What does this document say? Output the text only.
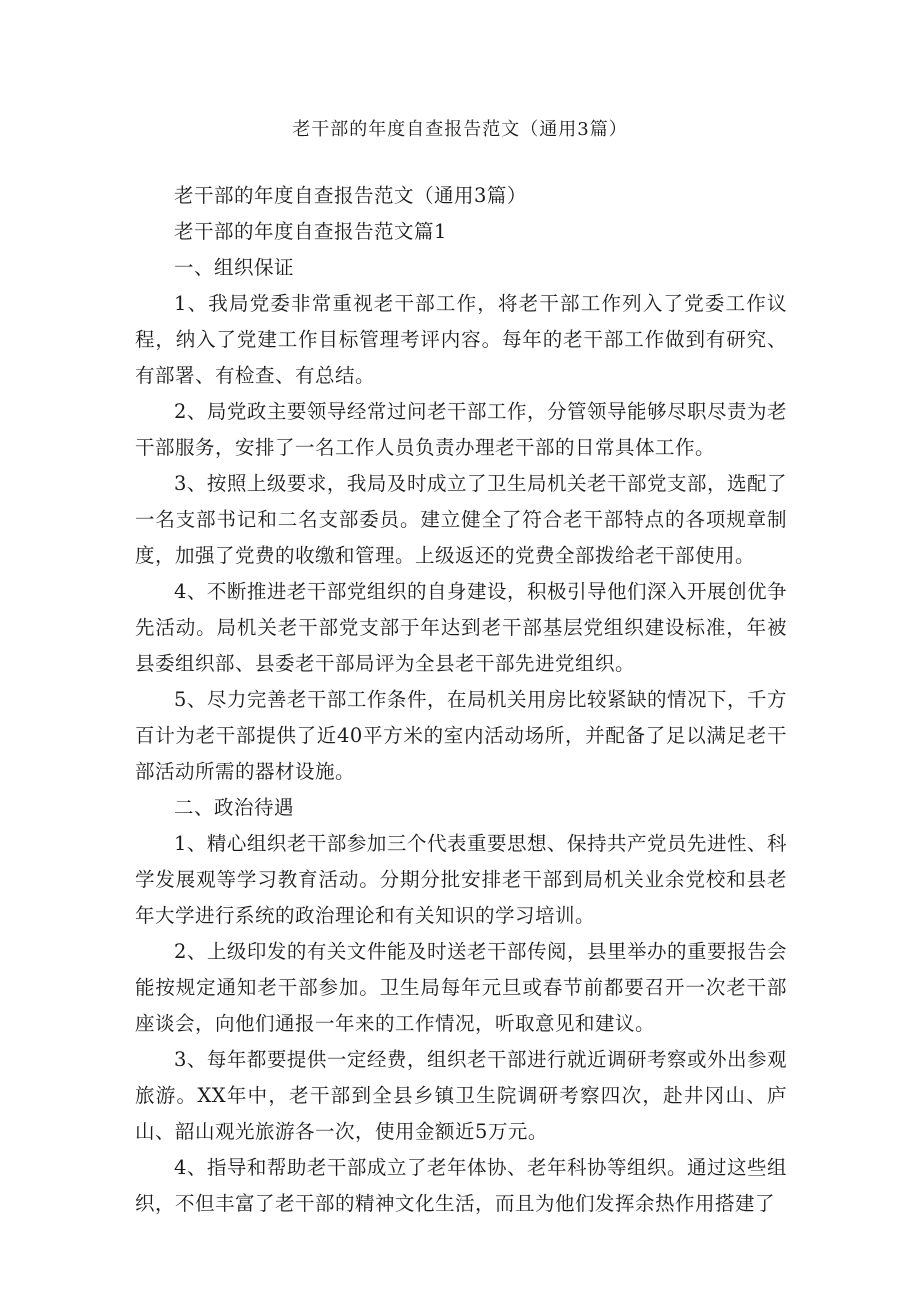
老干部的年度自查报告范文（通用3篇）

老干部的年度自查报告范文（通用3篇）

老干部的年度自查报告范文篇1

一、组织保证

1、我局党委非常重视老干部工作，将老干部工作列入了党委工作议程，纳入了党建工作目标管理考评内容。每年的老干部工作做到有研究、有部署、有检查、有总结。

2、局党政主要领导经常过问老干部工作，分管领导能够尽职尽责为老干部服务，安排了一名工作人员负责办理老干部的日常具体工作。

3、按照上级要求，我局及时成立了卫生局机关老干部党支部，选配了一名支部书记和二名支部委员。建立健全了符合老干部特点的各项规章制度，加强了党费的收缴和管理。上级返还的党费全部拨给老干部使用。

4、不断推进老干部党组织的自身建设，积极引导他们深入开展创优争先活动。局机关老干部党支部于年达到老干部基层党组织建设标准，年被县委组织部、县委老干部局评为全县老干部先进党组织。

5、尽力完善老干部工作条件，在局机关用房比较紧缺的情况下，千方百计为老干部提供了近40平方米的室内活动场所，并配备了足以满足老干部活动所需的器材设施。

二、政治待遇

1、精心组织老干部参加三个代表重要思想、保持共产党员先进性、科学发展观等学习教育活动。分期分批安排老干部到局机关业余党校和县老年大学进行系统的政治理论和有关知识的学习培训。

2、上级印发的有关文件能及时送老干部传阅，县里举办的重要报告会能按规定通知老干部参加。卫生局每年元旦或春节前都要召开一次老干部座谈会，向他们通报一年来的工作情况，听取意见和建议。

3、每年都要提供一定经费，组织老干部进行就近调研考察或外出参观旅游。XX年中，老干部到全县乡镇卫生院调研考察四次，赴井冈山、庐山、韶山观光旅游各一次，使用金额近5万元。

4、指导和帮助老干部成立了老年体协、老年科协等组织。通过这些组织，不但丰富了老干部的精神文化生活，而且为他们发挥余热作用搭建了
